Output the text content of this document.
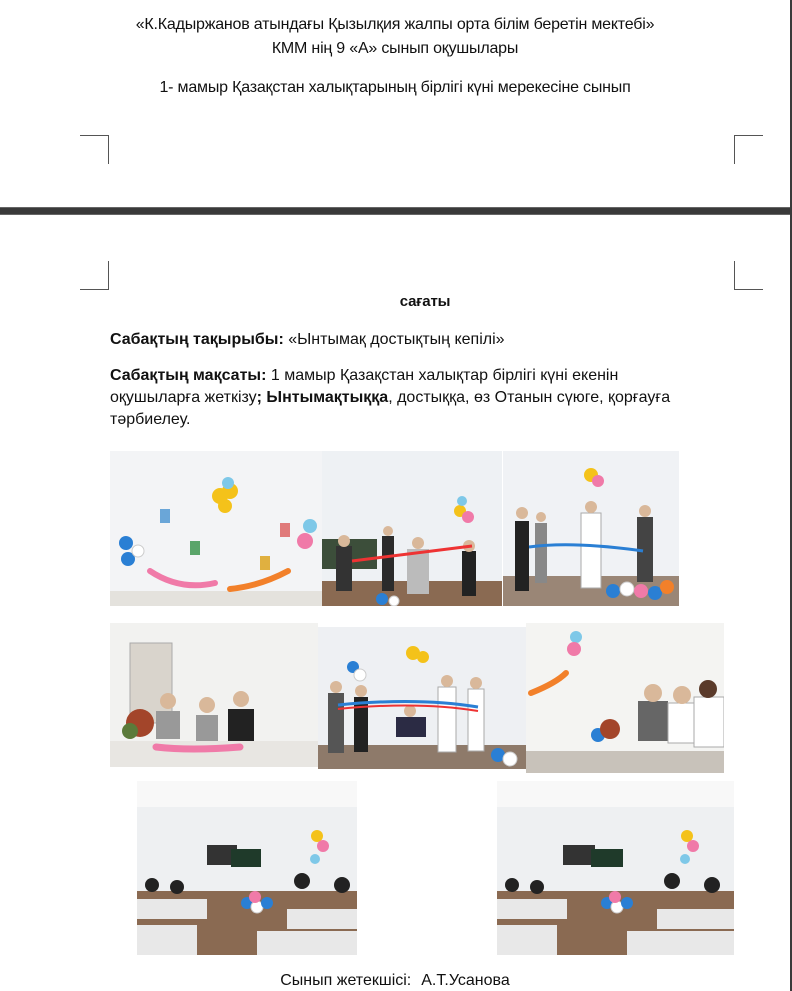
«К.Кадыржанов атындағы Қызылқия жалпы орта білім беретін мектебі»
КММ нің 9 «А» сынып оқушылары
1- мамыр Қазақстан халықтарының бірлігі күні мерекесіне сынып
сағаты
Сабақтың тақырыбы: «Ынтымақ достықтың кепілі»
Сабақтың мақсаты: 1 мамыр Қазақстан халықтар бірлігі күні екенін оқушыларға жеткізу; Ынтымақтыққа, достыққа, өз Отанын сүюге, қорғауға тәрбиелеу.
Сынып жетекшісі: А.Т.Усанова
